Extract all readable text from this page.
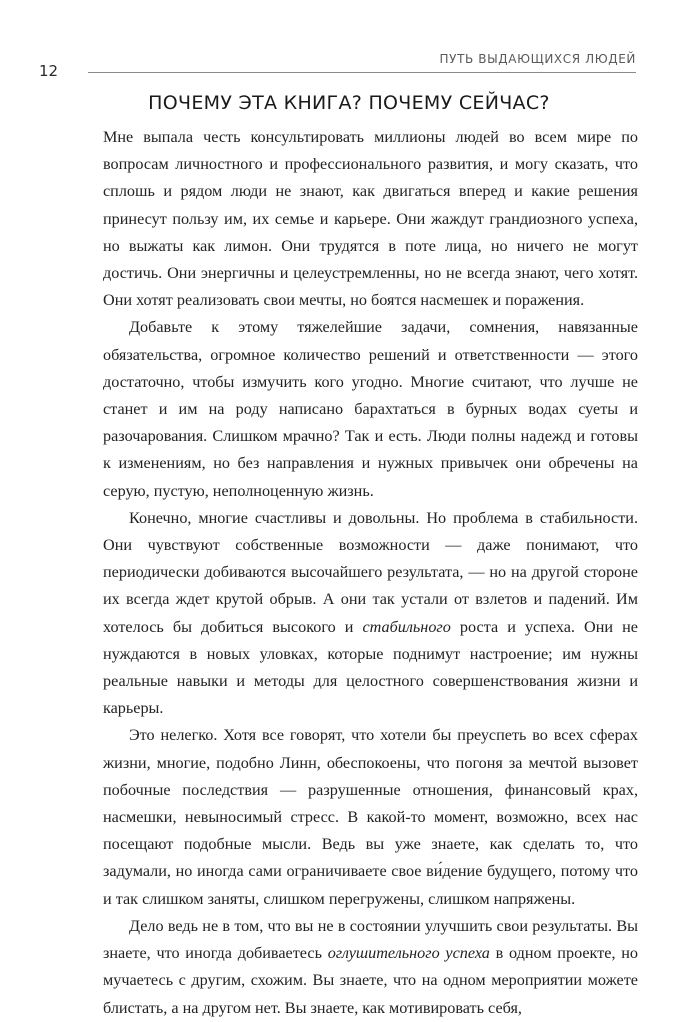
ПУТЬ ВЫДАЮЩИХСЯ ЛЮДЕЙ
12
ПОЧЕМУ ЭТА КНИГА? ПОЧЕМУ СЕЙЧАС?

Мне выпала честь консультировать миллионы людей во всем мире по вопросам личностного и профессионального развития, и могу сказать, что сплошь и рядом люди не знают, как двигаться вперед и какие решения принесут пользу им, их семье и карьере. Они жаждут грандиозного успеха, но выжаты как лимон. Они трудятся в поте лица, но ничего не могут достичь. Они энергичны и целеустремленны, но не всегда знают, чего хотят. Они хотят реализовать свои мечты, но боятся насмешек и поражения.

Добавьте к этому тяжелейшие задачи, сомнения, навязанные обязательства, огромное количество решений и ответственности — этого достаточно, чтобы измучить кого угодно. Многие считают, что лучше не станет и им на роду написано барахтаться в бурных водах суеты и разочарования. Слишком мрачно? Так и есть. Люди полны надежд и готовы к изменениям, но без направления и нужных привычек они обречены на серую, пустую, неполноценную жизнь.

Конечно, многие счастливы и довольны. Но проблема в стабильности. Они чувствуют собственные возможности — даже понимают, что периодически добиваются высочайшего результата, — но на другой стороне их всегда ждет крутой обрыв. А они так устали от взлетов и падений. Им хотелось бы добиться высокого и стабильного роста и успеха. Они не нуждаются в новых уловках, которые поднимут настроение; им нужны реальные навыки и методы для целостного совершенствования жизни и карьеры.

Это нелегко. Хотя все говорят, что хотели бы преуспеть во всех сферах жизни, многие, подобно Линн, обеспокоены, что погоня за мечтой вызовет побочные последствия — разрушенные отношения, финансовый крах, насмешки, невыносимый стресс. В какой-то момент, возможно, всех нас посещают подобные мысли. Ведь вы уже знаете, как сделать то, что задумали, но иногда сами ограничиваете свое ви́дение будущего, потому что и так слишком заняты, слишком перегружены, слишком напряжены.

Дело ведь не в том, что вы не в состоянии улучшить свои результаты. Вы знаете, что иногда добиваетесь оглушительного успеха в одном проекте, но мучаетесь с другим, схожим. Вы знаете, что на одном мероприятии можете блистать, а на другом нет. Вы знаете, как мотивировать себя,
